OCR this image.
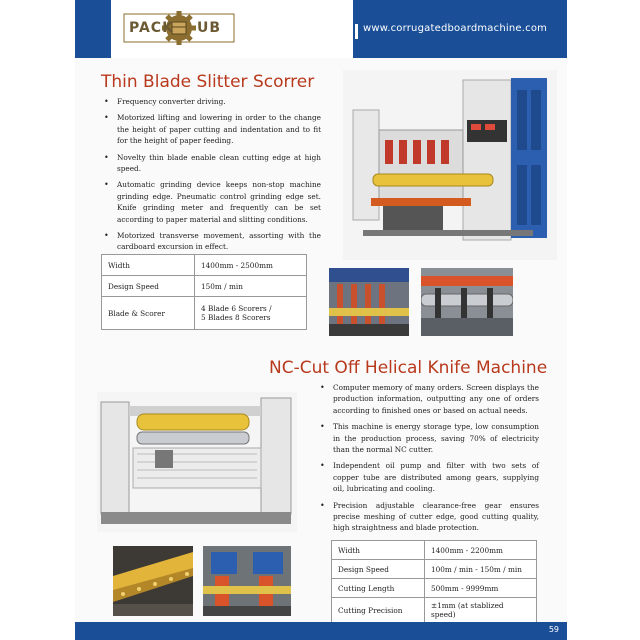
PACK UB	www.corrugatedboardmachine.com
Thin Blade Slitter Scorrer
• Frequency converter driving.
• Motorized lifting and lowering in order to the change the height of paper cutting and indentation and to fit for the height of paper feeding.
• Novelty thin blade enable clean cutting edge at high speed.
• Automatic grinding device keeps non-stop machine grinding edge. Pneumatic control grinding edge set. Knife grinding meter and frequently can be set according to paper material and slitting conditions.
• Motorized transverse movement, assorting with the cardboard excursion in effect.
Width	1400mm - 2500mm
Design Speed	150m / min
Blade & Scorer	4 Blade 6 Scorers /
5 Blades 8 Scorers
NC-Cut Off Helical Knife Machine
• Computer memory of many orders. Screen displays the production information, outputting any one of orders according to finished ones or based on actual needs.
• This machine is energy storage type, low consumption in the production process, saving 70% of electricity than the normal NC cutter.
• Independent oil pump and filter with two sets of copper tube are distributed among gears, supplying oil, lubricating and cooling.
• Precision adjustable clearance-free gear ensures precise meshing of cutter edge, good cutting quality, high straightness and blade protection.
Width	1400mm - 2200mm
Design Speed	100m / min - 150m / min
Cutting Length	500mm - 9999mm
Cutting Precision	±1mm (at stablized speed)
59
